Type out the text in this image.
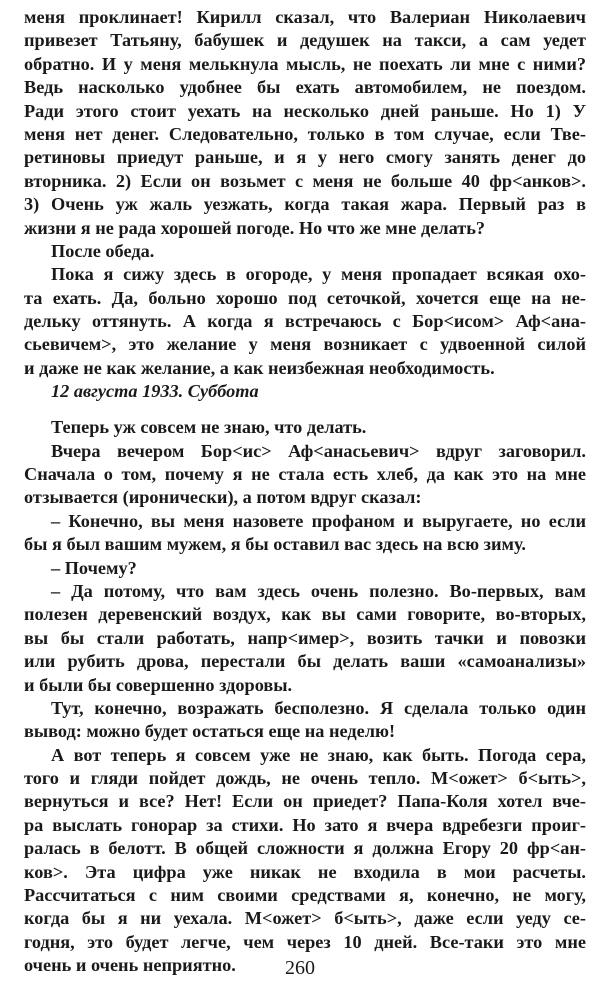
меня проклинает! Кирилл сказал, что Валериан Николаевич
привезет Татьяну, бабушек и дедушек на такси, а сам уедет
обратно. И у меня мелькнула мысль, не поехать ли мне с ними?
Ведь насколько удобнее бы ехать автомобилем, не поездом.
Ради этого стоит уехать на несколько дней раньше. Но 1) У
меня нет денег. Следовательно, только в том случае, если Тве-
ретиновы приедут раньше, и я у него смогу занять денег до
вторника. 2) Если он возьмет с меня не больше 40 фр<анков>.
3) Очень уж жаль уезжать, когда такая жара. Первый раз в
жизни я не рада хорошей погоде. Но что же мне делать?
После обеда.
Пока я сижу здесь в огороде, у меня пропадает всякая охо-
та ехать. Да, больно хорошо под сеточкой, хочется еще на не-
дельку оттянуть. А когда я встречаюсь с Бор<исом> Аф<ана-
сьевичем>, это желание у меня возникает с удвоенной силой
и даже не как желание, а как неизбежная необходимость.
12 августа 1933. Суббота
Теперь уж совсем не знаю, что делать.
Вчера вечером Бор<ис> Аф<анасьевич> вдруг заговорил.
Сначала о том, почему я не стала есть хлеб, да как это на мне
отзывается (иронически), а потом вдруг сказал:
– Конечно, вы меня назовете профаном и выругаете, но если
бы я был вашим мужем, я бы оставил вас здесь на всю зиму.
– Почему?
– Да потому, что вам здесь очень полезно. Во-первых, вам
полезен деревенский воздух, как вы сами говорите, во-вторых,
вы бы стали работать, напр<имер>, возить тачки и повозки
или рубить дрова, перестали бы делать ваши «самоанализы»
и были бы совершенно здоровы.
Тут, конечно, возражать бесполезно. Я сделала только один
вывод: можно будет остаться еще на неделю!
А вот теперь я совсем уже не знаю, как быть. Погода сера,
того и гляди пойдет дождь, не очень тепло. М<ожет> б<ыть>,
вернуться и все? Нет! Если он приедет? Папа-Коля хотел вче-
ра выслать гонорар за стихи. Но зато я вчера вдребезги проиг-
ралась в белотт. В общей сложности я должна Егору 20 фр<ан-
ков>. Эта цифра уже никак не входила в мои расчеты.
Рассчитаться с ним своими средствами я, конечно, не могу,
когда бы я ни уехала. М<ожет> б<ыть>, даже если уеду се-
годня, это будет легче, чем через 10 дней. Все-таки это мне
очень и очень неприятно.	260
